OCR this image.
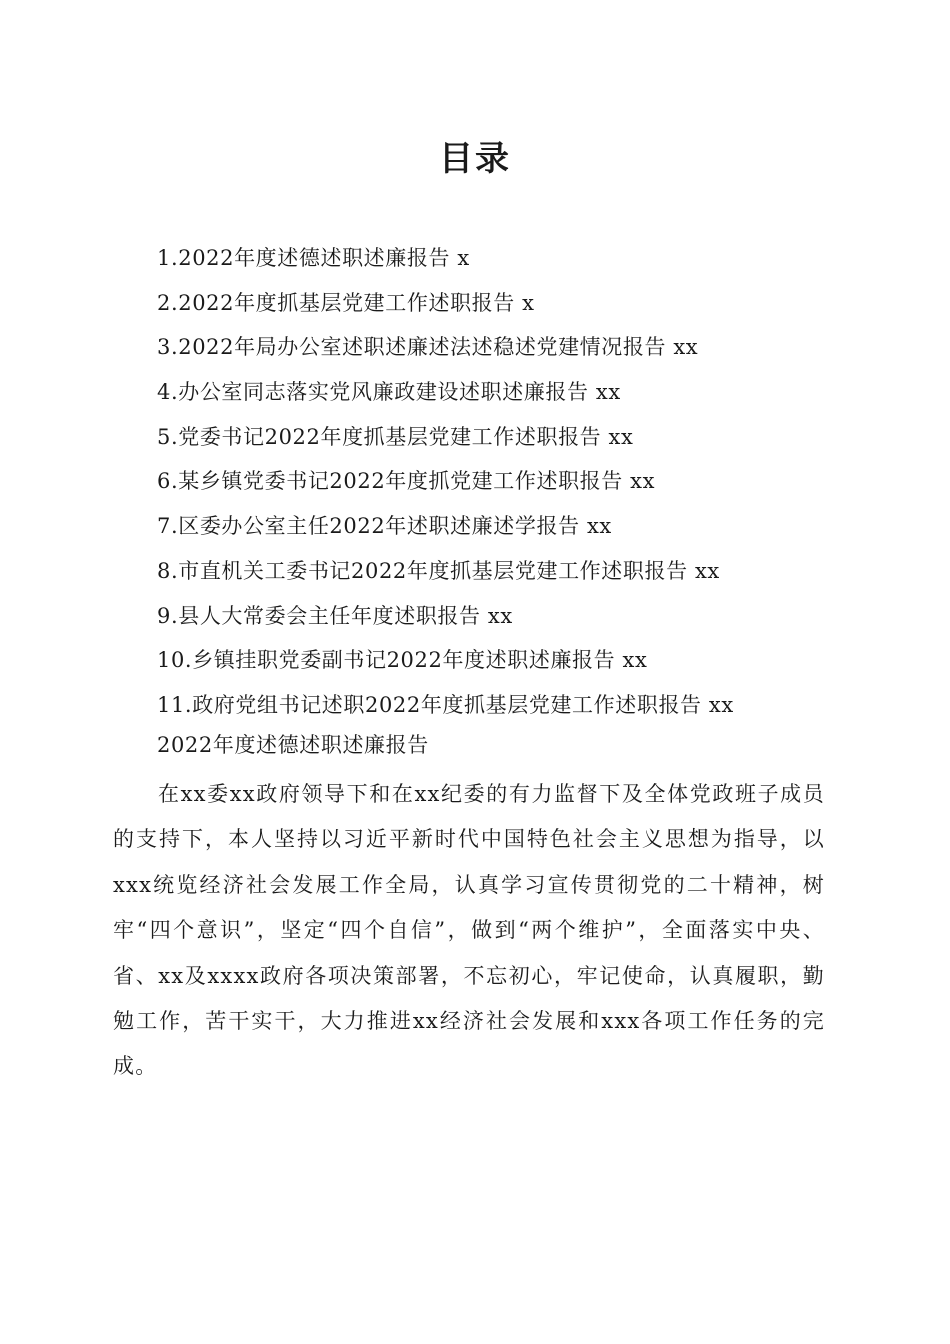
目录
1.2022年度述德述职述廉报告 x
2.2022年度抓基层党建工作述职报告 x
3.2022年局办公室述职述廉述法述稳述党建情况报告 xx
4.办公室同志落实党风廉政建设述职述廉报告 xx
5.党委书记2022年度抓基层党建工作述职报告 xx
6.某乡镇党委书记2022年度抓党建工作述职报告 xx
7.区委办公室主任2022年述职述廉述学报告 xx
8.市直机关工委书记2022年度抓基层党建工作述职报告 xx
9.县人大常委会主任年度述职报告 xx
10.乡镇挂职党委副书记2022年度述职述廉报告 xx
11.政府党组书记述职2022年度抓基层党建工作述职报告 xx
2022年度述德述职述廉报告

在xx委xx政府领导下和在xx纪委的有力监督下及全体党政班子成员的支持下，本人坚持以习近平新时代中国特色社会主义思想为指导，以xxx统览经济社会发展工作全局，认真学习宣传贯彻党的二十精神，树牢“四个意识”，坚定“四个自信”，做到“两个维护”，全面落实中央、省、xx及xxxx政府各项决策部署，不忘初心，牢记使命，认真履职，勤勉工作，苦干实干，大力推进xx经济社会发展和xxx各项工作任务的完成。
